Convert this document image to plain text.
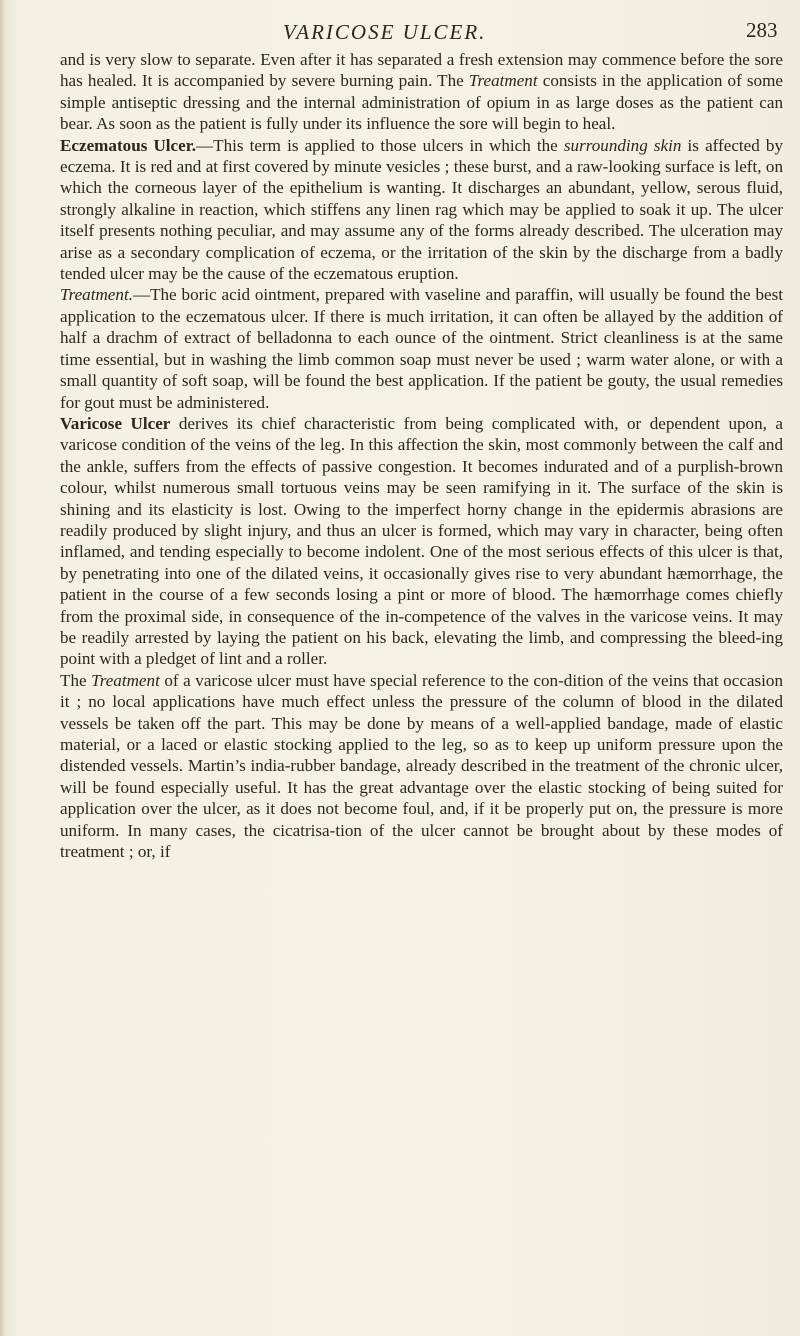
VARICOSE ULCER.	283

and is very slow to separate. Even after it has separated a fresh extension may commence before the sore has healed. It is accompanied by severe burning pain. The Treatment consists in the application of some simple antiseptic dressing and the internal administration of opium in as large doses as the patient can bear. As soon as the patient is fully under its influence the sore will begin to heal.

Eczematous Ulcer.—This term is applied to those ulcers in which the surrounding skin is affected by eczema. It is red and at first covered by minute vesicles ; these burst, and a raw-looking surface is left, on which the corneous layer of the epithelium is wanting. It discharges an abundant, yellow, serous fluid, strongly alkaline in reaction, which stiffens any linen rag which may be applied to soak it up. The ulcer itself presents nothing peculiar, and may assume any of the forms already described. The ulceration may arise as a secondary complication of eczema, or the irritation of the skin by the discharge from a badly tended ulcer may be the cause of the eczematous eruption.

Treatment.—The boric acid ointment, prepared with vaseline and paraffin, will usually be found the best application to the eczematous ulcer. If there is much irritation, it can often be allayed by the addition of half a drachm of extract of belladonna to each ounce of the ointment. Strict cleanliness is at the same time essential, but in washing the limb common soap must never be used ; warm water alone, or with a small quantity of soft soap, will be found the best application. If the patient be gouty, the usual remedies for gout must be administered.

Varicose Ulcer derives its chief characteristic from being complicated with, or dependent upon, a varicose condition of the veins of the leg. In this affection the skin, most commonly between the calf and the ankle, suffers from the effects of passive congestion. It becomes indurated and of a purplish-brown colour, whilst numerous small tortuous veins may be seen ramifying in it. The surface of the skin is shining and its elasticity is lost. Owing to the imperfect horny change in the epidermis abrasions are readily produced by slight injury, and thus an ulcer is formed, which may vary in character, being often inflamed, and tending especially to become indolent. One of the most serious effects of this ulcer is that, by penetrating into one of the dilated veins, it occasionally gives rise to very abundant hæmorrhage, the patient in the course of a few seconds losing a pint or more of blood. The hæmorrhage comes chiefly from the proximal side, in consequence of the in-competence of the valves in the varicose veins. It may be readily arrested by laying the patient on his back, elevating the limb, and compressing the bleed-ing point with a pledget of lint and a roller.

The Treatment of a varicose ulcer must have special reference to the con-dition of the veins that occasion it ; no local applications have much effect unless the pressure of the column of blood in the dilated vessels be taken off the part. This may be done by means of a well-applied bandage, made of elastic material, or a laced or elastic stocking applied to the leg, so as to keep up uniform pressure upon the distended vessels. Martin’s india-rubber bandage, already described in the treatment of the chronic ulcer, will be found especially useful. It has the great advantage over the elastic stocking of being suited for application over the ulcer, as it does not become foul, and, if it be properly put on, the pressure is more uniform. In many cases, the cicatrisa-tion of the ulcer cannot be brought about by these modes of treatment ; or, if
